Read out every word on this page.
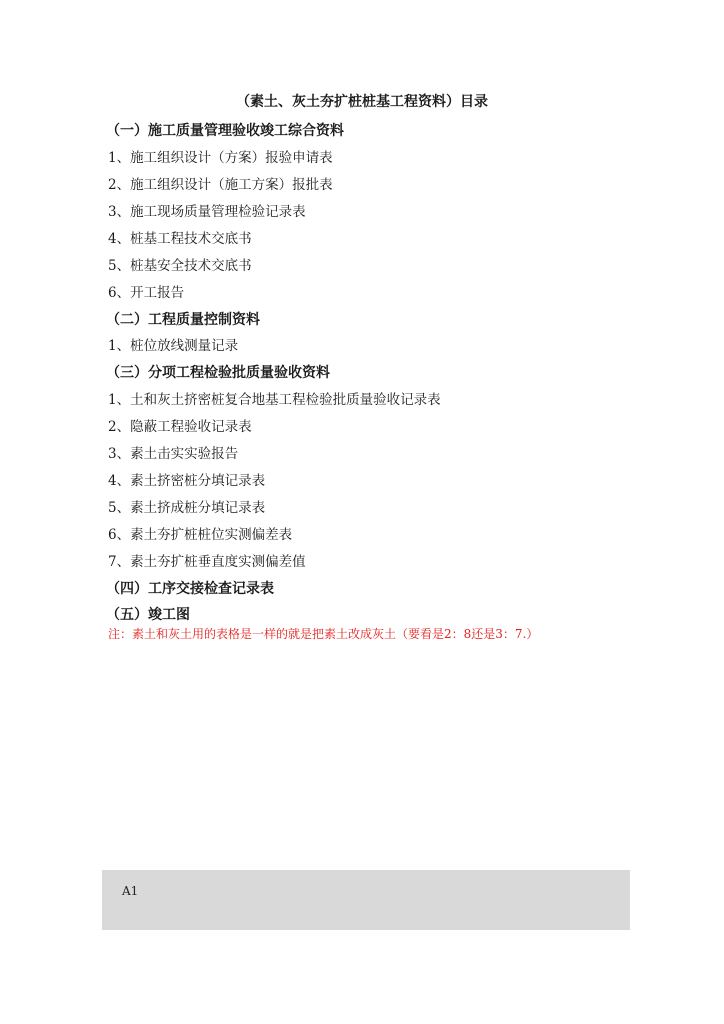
（素土、灰土夯扩桩桩基工程资料）目录
（一）施工质量管理验收竣工综合资料
1、施工组织设计（方案）报验申请表
2、施工组织设计（施工方案）报批表
3、施工现场质量管理检验记录表
4、桩基工程技术交底书
5、桩基安全技术交底书
6、开工报告
（二）工程质量控制资料
1、桩位放线测量记录
（三）分项工程检验批质量验收资料
1、土和灰土挤密桩复合地基工程检验批质量验收记录表
2、隐蔽工程验收记录表
3、素土击实实验报告
4、素土挤密桩分填记录表
5、素土挤成桩分填记录表
6、素土夯扩桩桩位实测偏差表
7、素土夯扩桩垂直度实测偏差值
（四）工序交接检查记录表
（五）竣工图
注：素土和灰土用的表格是一样的就是把素土改成灰土（要看是2：8还是3：7.）
A1
